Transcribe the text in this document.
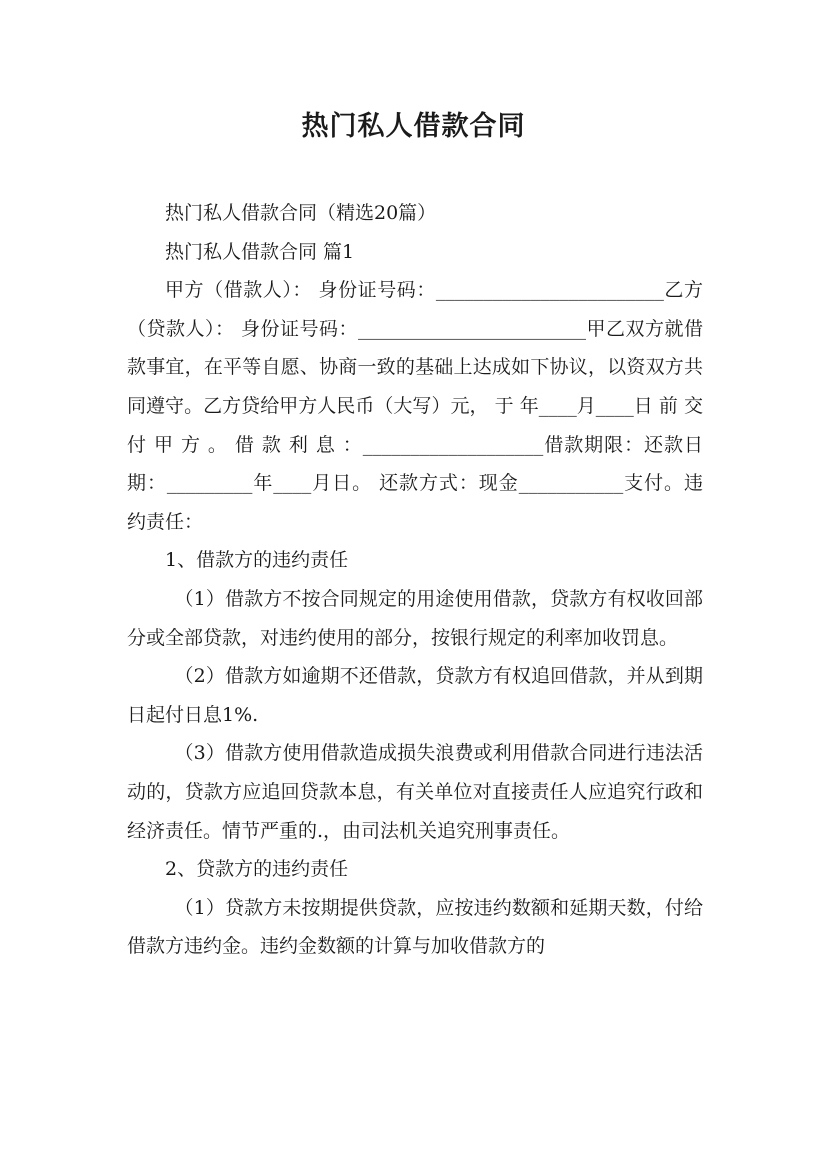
热门私人借款合同

热门私人借款合同（精选20篇）

热门私人借款合同 篇1

甲方（借款人）： 身份证号码：________________________乙方（贷款人）： 身份证号码：________________________甲乙双方就借款事宜，在平等自愿、协商一致的基础上达成如下协议，以资双方共同遵守。乙方贷给甲方人民币（大写）元， 于 年____月____日 前 交 付 甲 方 。 借 款 利 息 ：___________________借款期限：还款日期：_________年____月日。 还款方式：现金___________支付。违约责任：

1、借款方的违约责任

（1）借款方不按合同规定的用途使用借款，贷款方有权收回部分或全部贷款，对违约使用的部分，按银行规定的利率加收罚息。

（2）借款方如逾期不还借款，贷款方有权追回借款，并从到期日起付日息1%.

（3）借款方使用借款造成损失浪费或利用借款合同进行违法活动的，贷款方应追回贷款本息，有关单位对直接责任人应追究行政和经济责任。情节严重的.，由司法机关追究刑事责任。

2、贷款方的违约责任

（1）贷款方未按期提供贷款，应按违约数额和延期天数，付给借款方违约金。违约金数额的计算与加收借款方的
